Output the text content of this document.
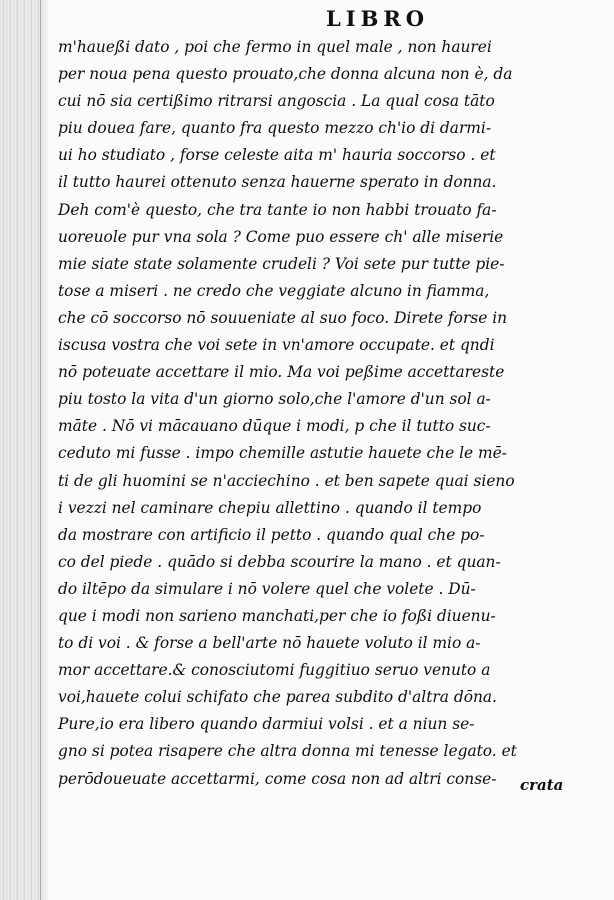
LIBRO
m'haueßi dato , poi che fermo in quel male , non haurei
per noua pena questo prouato,che donna alcuna non è, da
cui nō sia certißimo ritrarsi angoscia . La qual cosa tāto
piu douea fare, quanto fra questo mezzo ch'io di darmi-
ui ho studiato , forse celeste aita m' hauria soccorso . et
il tutto haurei ottenuto senza hauerne sperato in donna.
Deh com'è questo, che tra tante io non habbi trouato fa-
uoreuole pur vna sola ? Come puo essere ch' alle miserie
mie siate state solamente crudeli ? Voi sete pur tutte pie-
tose a miseri . ne credo che veggiate alcuno in fiamma,
che cō soccorso nō souueniate al suo foco. Direte forse in
iscusa vostra che voi sete in vn'amore occupate. et qndi
nō poteuate accettare il mio. Ma voi peßime accettareste
piu tosto la vita d'un giorno solo,che l'amore d'un sol a-
māte . Nō vi mācauano dūque i modi, p che il tutto suc-
ceduto mi fusse . impo chemille astutie hauete che le mē-
ti de gli huomini se n'acciechino . et ben sapete quai sieno
i vezzi nel caminare chepiu allettino . quando il tempo
da mostrare con artificio il petto . quando qual che po-
co del piede . quādo si debba scourire la mano . et quan-
do iltēpo da simulare i nō volere quel che volete . Dū-
que i modi non sarieno manchati,per che io foßi diuenu-
to di voi . & forse a bell'arte nō hauete voluto il mio a-
mor accettare.& conosciutomi fuggitiuo seruo venuto a
voi,hauete colui schifato che parea subdito d'altra dōna.
Pure,io era libero quando darmiui volsi . et a niun se-
gno si potea risapere che altra donna mi tenesse legato. et
perōdoueuate accettarmi, come cosa non ad altri conse-	crata
